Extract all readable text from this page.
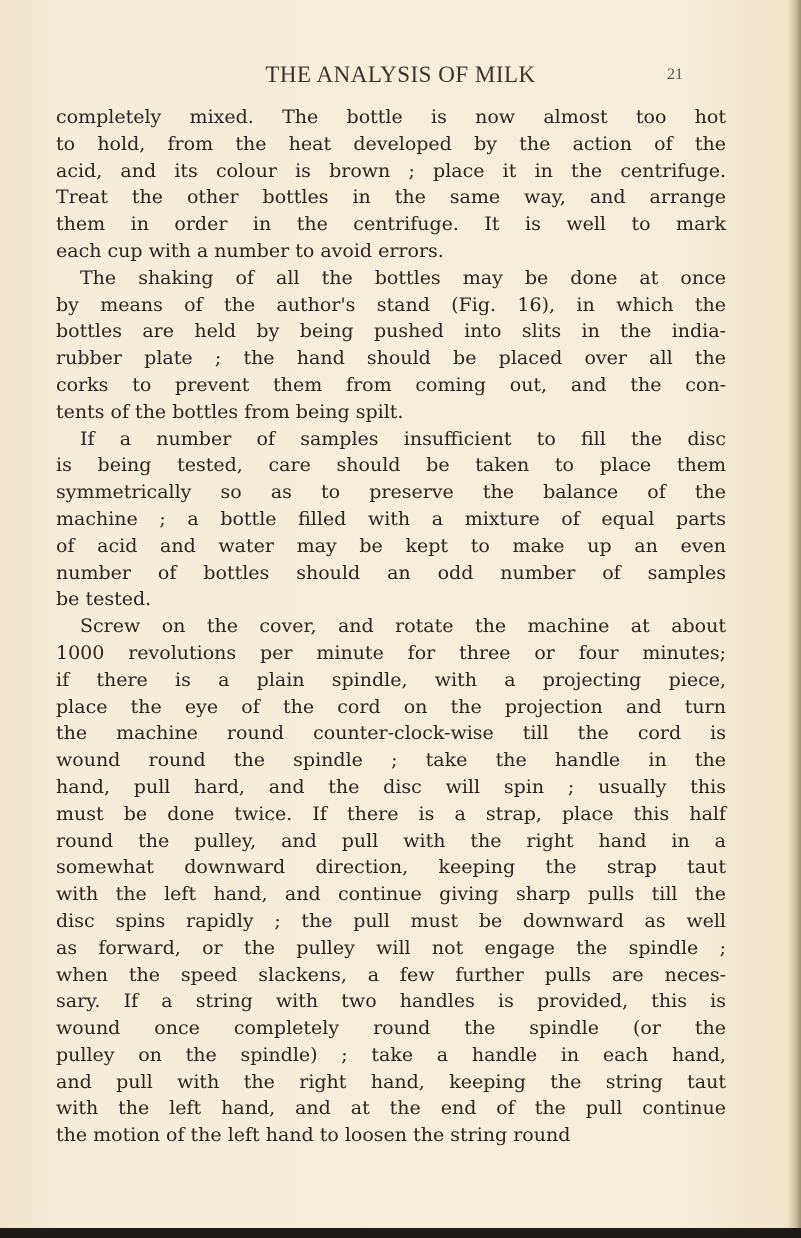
THE ANALYSIS OF MILK	21
completely mixed. The bottle is now almost too hot
to hold, from the heat developed by the action of the
acid, and its colour is brown ; place it in the centrifuge.
Treat the other bottles in the same way, and arrange
them in order in the centrifuge. It is well to mark
each cup with a number to avoid errors.
The shaking of all the bottles may be done at once
by means of the author's stand (Fig. 16), in which the
bottles are held by being pushed into slits in the india-
rubber plate ; the hand should be placed over all the
corks to prevent them from coming out, and the con-
tents of the bottles from being spilt.
If a number of samples insufficient to fill the disc
is being tested, care should be taken to place them
symmetrically so as to preserve the balance of the
machine ; a bottle filled with a mixture of equal parts
of acid and water may be kept to make up an even
number of bottles should an odd number of samples
be tested.
Screw on the cover, and rotate the machine at about
1000 revolutions per minute for three or four minutes;
if there is a plain spindle, with a projecting piece,
place the eye of the cord on the projection and turn
the machine round counter-clock-wise till the cord is
wound round the spindle ; take the handle in the
hand, pull hard, and the disc will spin ; usually this
must be done twice. If there is a strap, place this half
round the pulley, and pull with the right hand in a
somewhat downward direction, keeping the strap taut
with the left hand, and continue giving sharp pulls till the
disc spins rapidly ; the pull must be downward as well
as forward, or the pulley will not engage the spindle ;
when the speed slackens, a few further pulls are neces-
sary. If a string with two handles is provided, this is
wound once completely round the spindle (or the
pulley on the spindle) ; take a handle in each hand,
and pull with the right hand, keeping the string taut
with the left hand, and at the end of the pull continue
the motion of the left hand to loosen the string round
